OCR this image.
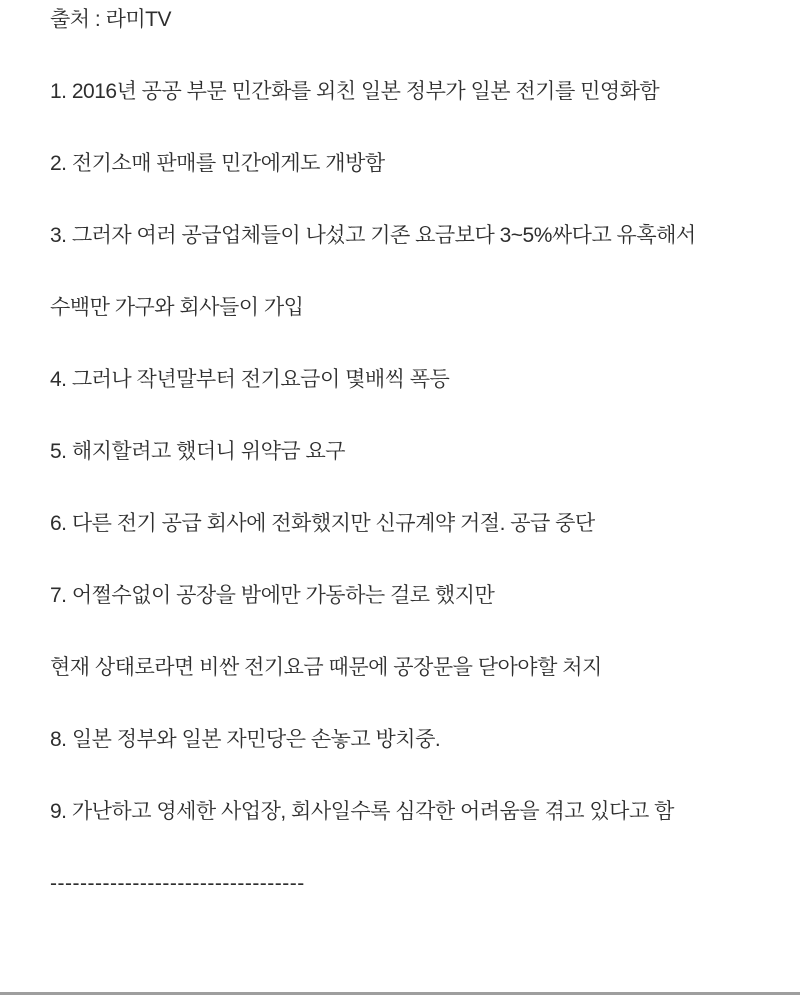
출처 : 라미TV

1. 2016년 공공 부문 민간화를 외친 일본 정부가 일본 전기를 민영화함

2. 전기소매 판매를 민간에게도 개방함

3. 그러자 여러 공급업체들이 나섰고 기존 요금보다 3~5%싸다고 유혹해서

수백만 가구와 회사들이 가입

4. 그러나 작년말부터 전기요금이 몇배씩 폭등

5. 해지할려고 했더니 위약금 요구

6. 다른 전기 공급 회사에 전화했지만 신규계약 거절. 공급 중단

7. 어쩔수없이 공장을 밤에만 가동하는 걸로 했지만

현재 상태로라면 비싼 전기요금 때문에 공장문을 닫아야할 처지

8. 일본 정부와 일본 자민당은 손놓고 방치중.

9. 가난하고 영세한 사업장, 회사일수록 심각한 어려움을 겪고 있다고 함

----------------------------------
